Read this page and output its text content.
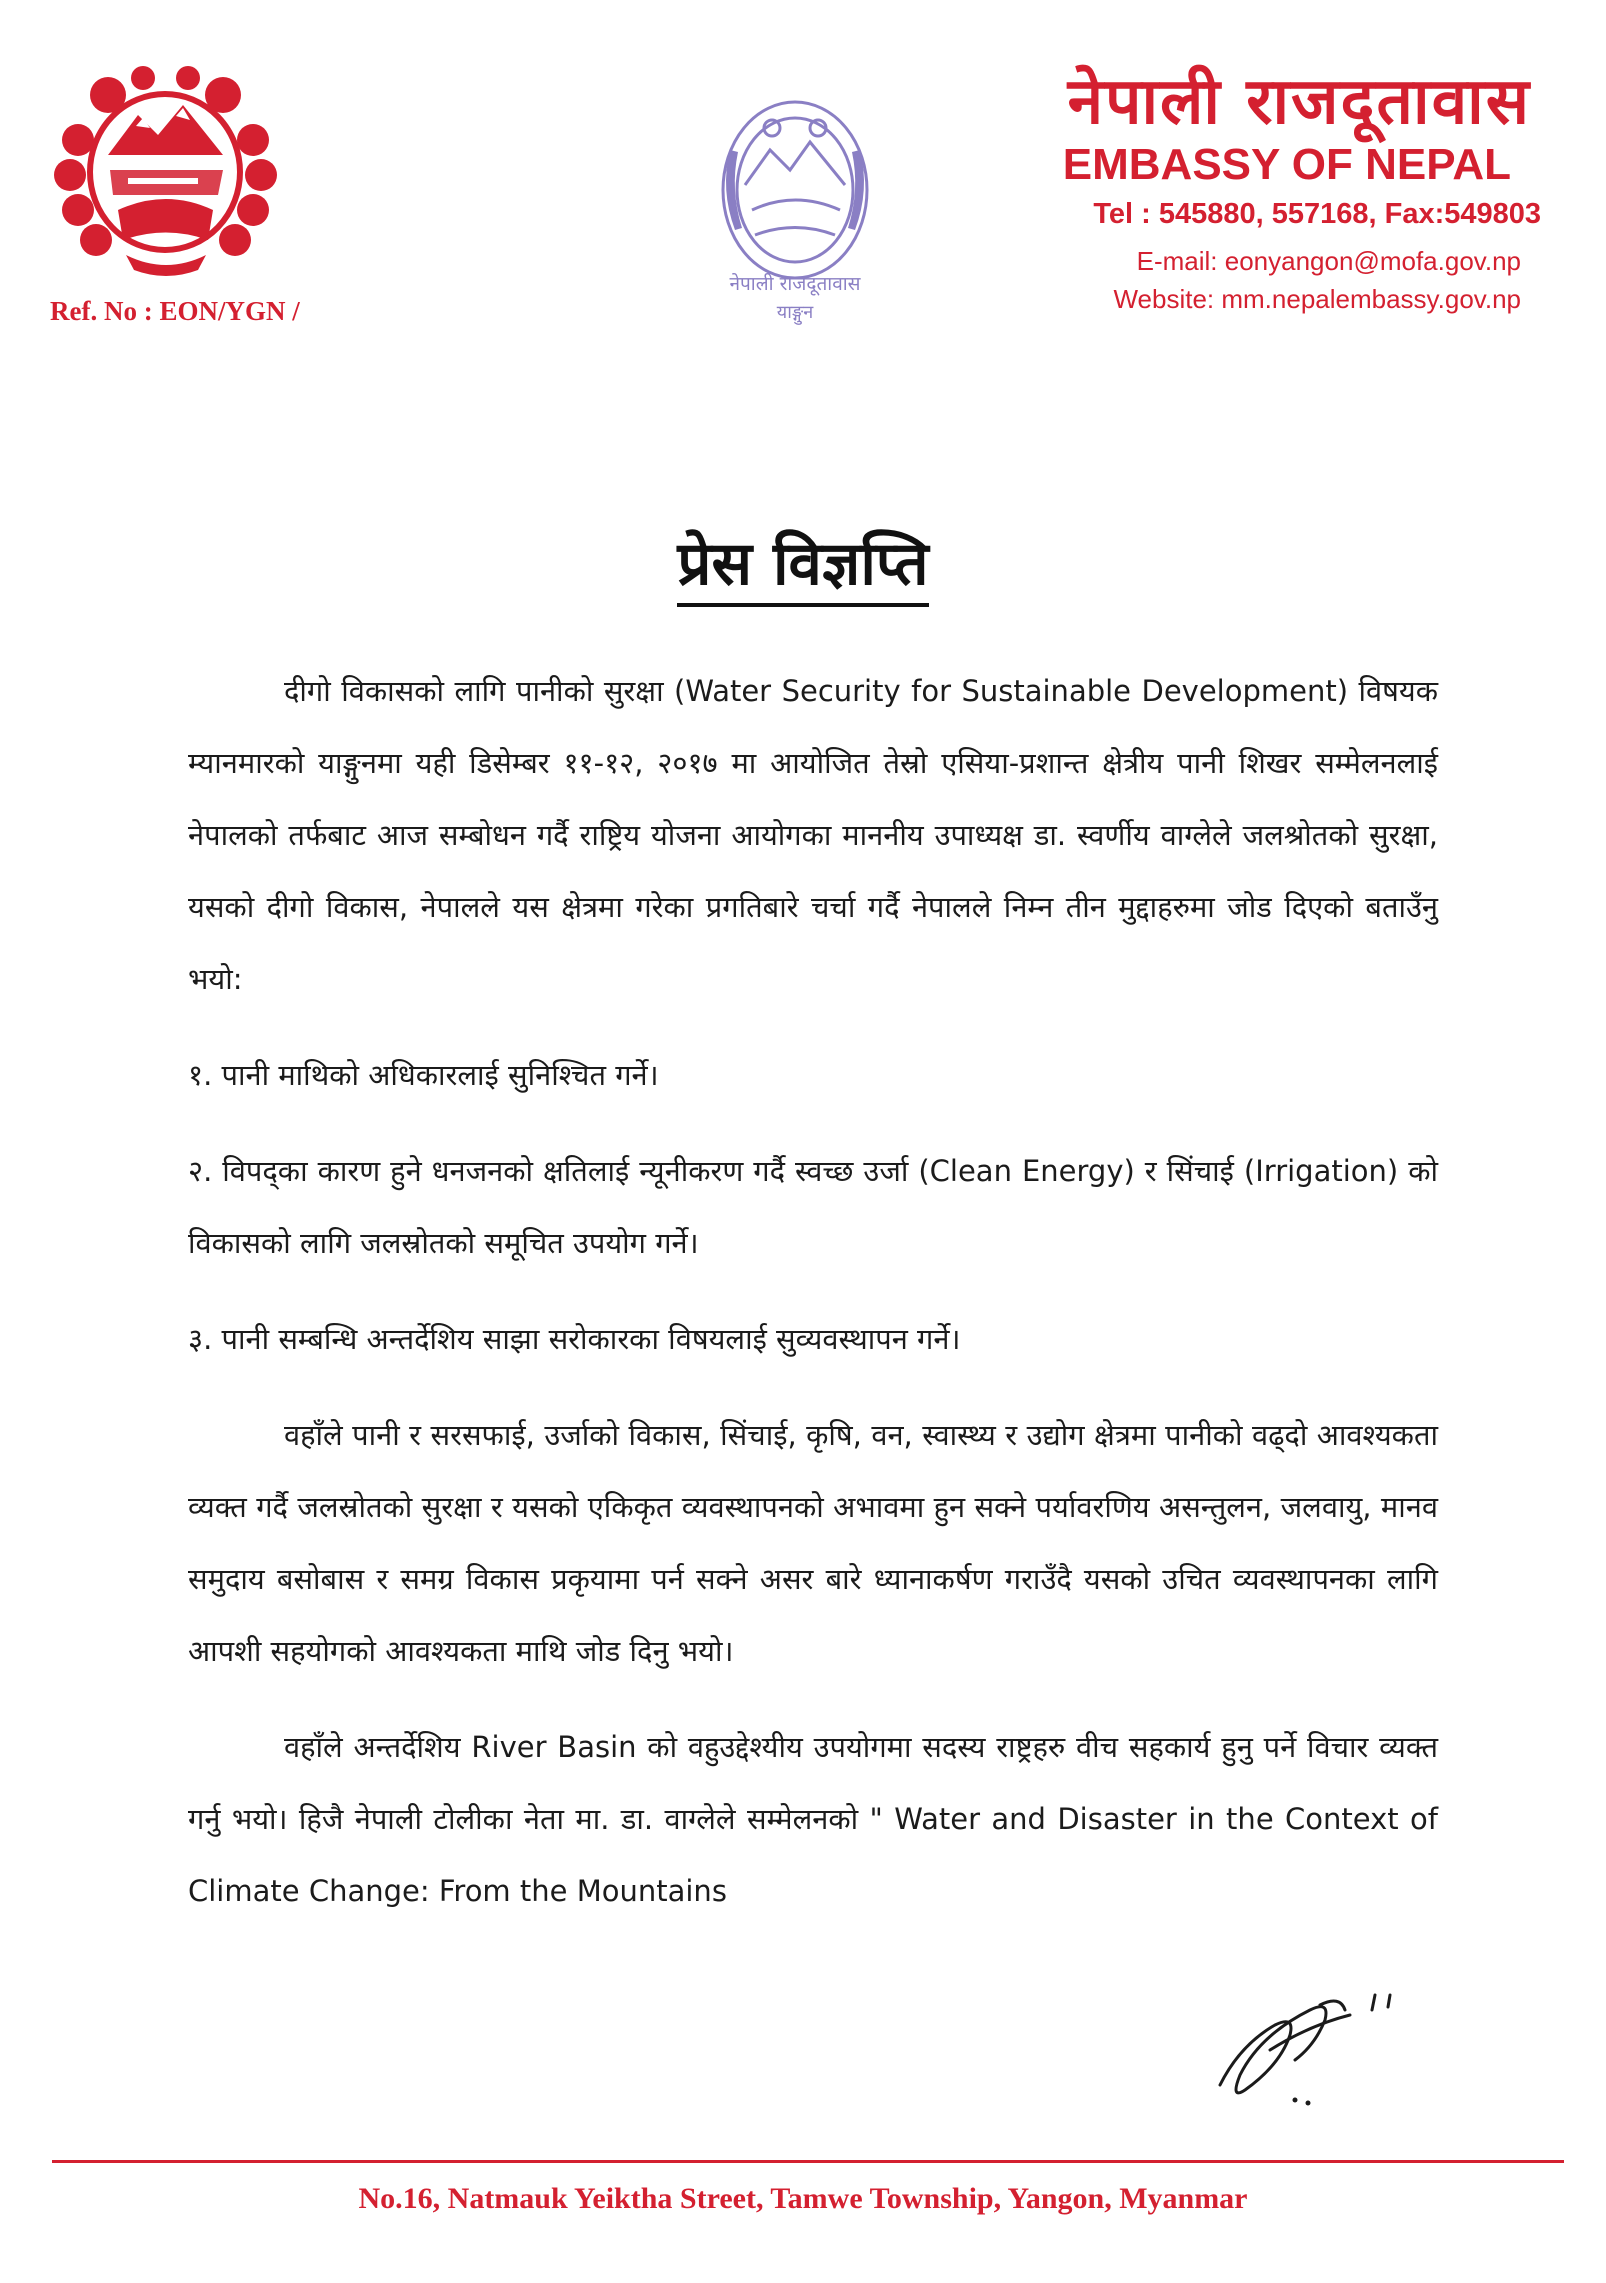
नेपाली राजदूतावास
याङ्गुन
Ref. No : EON/YGN /
नेपाली राजदूतावास
EMBASSY OF NEPAL
Tel : 545880, 557168, Fax:549803
E-mail: eonyangon@mofa.gov.np
Website: mm.nepalembassy.gov.np
प्रेस विज्ञप्ति

दीगो विकासको लागि पानीको सुरक्षा (Water Security for Sustainable Development) विषयक म्यानमारको याङ्गुनमा यही डिसेम्बर ११-१२, २०१७ मा आयोजित तेस्रो एसिया-प्रशान्त क्षेत्रीय पानी शिखर सम्मेलनलाई नेपालको तर्फबाट आज सम्बोधन गर्दै राष्ट्रिय योजना आयोगका माननीय उपाध्यक्ष डा. स्वर्णीय वाग्लेले जलश्रोतको सुरक्षा, यसको दीगो विकास, नेपालले यस क्षेत्रमा गरेका प्रगतिबारे चर्चा गर्दै नेपालले निम्न तीन मुद्दाहरुमा जोड दिएको बताउँनु भयो:

१. पानी माथिको अधिकारलाई सुनिश्चित गर्ने।

२. विपद्का कारण हुने धनजनको क्षतिलाई न्यूनीकरण गर्दै स्वच्छ उर्जा (Clean Energy) र सिंचाई (Irrigation) को विकासको लागि जलस्रोतको समूचित उपयोग गर्ने।

३. पानी सम्बन्धि अन्तर्देशिय साझा सरोकारका विषयलाई सुव्यवस्थापन गर्ने।

वहाँले पानी र सरसफाई, उर्जाको विकास, सिंचाई, कृषि, वन, स्वास्थ्य र उद्योग क्षेत्रमा पानीको वढ्दो आवश्यकता व्यक्त गर्दै जलस्रोतको सुरक्षा र यसको एकिकृत व्यवस्थापनको अभावमा हुन सक्ने पर्यावरणिय असन्तुलन, जलवायु, मानव समुदाय बसोबास र समग्र विकास प्रकृयामा पर्न सक्ने असर बारे ध्यानाकर्षण गराउँदै यसको उचित व्यवस्थापनका लागि आपशी सहयोगको आवश्यकता माथि जोड दिनु भयो।

वहाँले अन्तर्देशिय River Basin को वहुउद्देश्यीय उपयोगमा सदस्य राष्ट्रहरु वीच सहकार्य हुनु पर्ने विचार व्यक्त गर्नु भयो। हिजै नेपाली टोलीका नेता मा. डा. वाग्लेले सम्मेलनको " Water and Disaster in the Context of Climate Change: From the Mountains

No.16, Natmauk Yeiktha Street, Tamwe Township, Yangon, Myanmar
